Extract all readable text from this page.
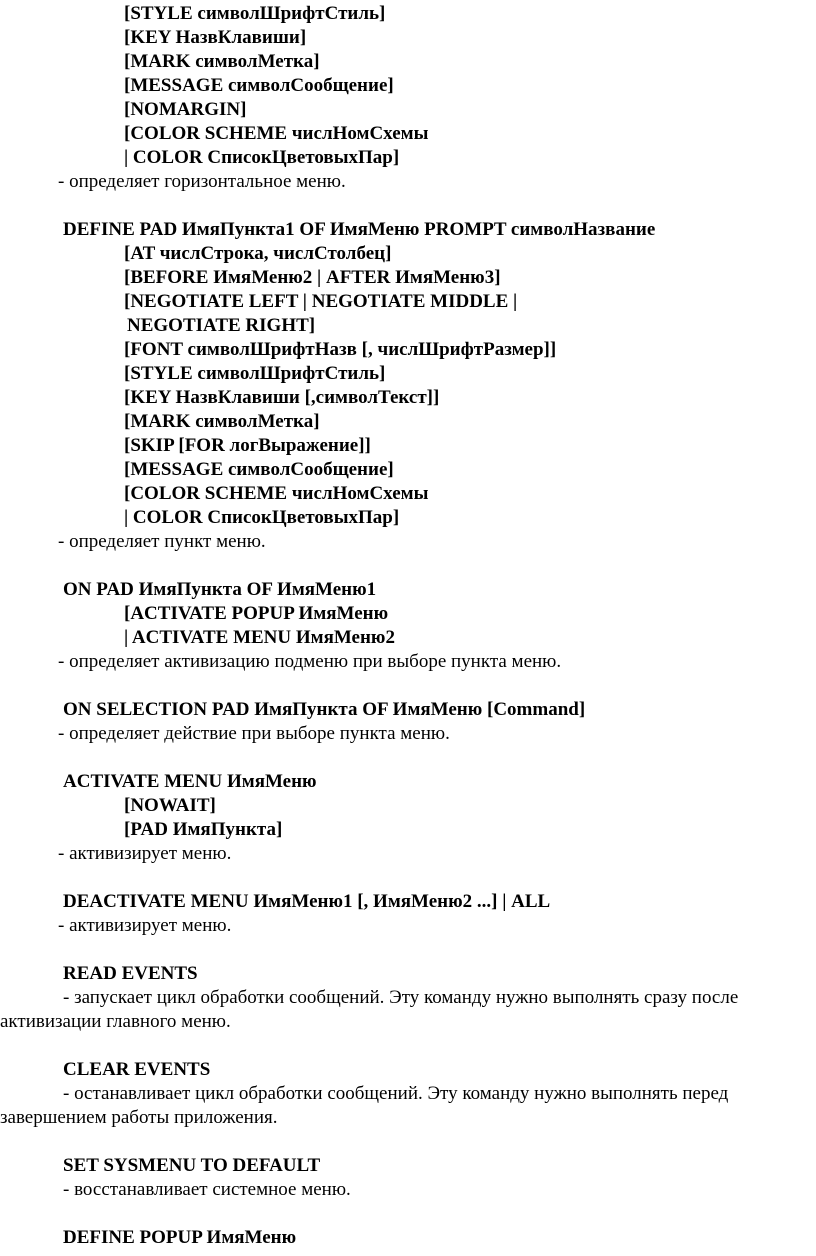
[STYLE символШрифтСтиль]
[KEY НазвКлавиши]
[MARK символМетка]
[MESSAGE символСообщение]
[NOMARGIN]
[COLOR SCHEME числНомСхемы
| COLOR СписокЦветовыхПар]
- определяет горизонтальное меню.
DEFINE PAD ИмяПункта1 OF ИмяМеню PROMPT символНазвание
[AT числСтрока, числСтолбец]
[BEFORE ИмяМеню2 | AFTER ИмяМеню3]
[NEGOTIATE LEFT | NEGOTIATE MIDDLE |
NEGOTIATE RIGHT]
[FONT символШрифтНазв [, числШрифтРазмер]]
[STYLE символШрифтСтиль]
[KEY НазвКлавиши [,символТекст]]
[MARK символМетка]
[SKIP [FOR логВыражение]]
[MESSAGE символСообщение]
[COLOR SCHEME числНомСхемы
| COLOR СписокЦветовыхПар]
- определяет пункт меню.
ON PAD ИмяПункта OF ИмяМеню1
[ACTIVATE POPUP ИмяМеню
| ACTIVATE MENU ИмяМеню2
- определяет активизацию подменю при выборе пункта меню.
ON SELECTION PAD ИмяПункта OF ИмяМеню [Command]
- определяет действие при выборе пункта меню.
ACTIVATE MENU ИмяМеню
[NOWAIT]
[PAD ИмяПункта]
- активизирует меню.
DEACTIVATE MENU ИмяМеню1 [, ИмяМеню2 ...] | ALL
- активизирует меню.
READ EVENTS
- запускает цикл обработки сообщений. Эту команду нужно выполнять сразу после
активизации главного меню.
CLEAR EVENTS
- останавливает цикл обработки сообщений. Эту команду нужно выполнять перед
завершением работы приложения.
SET SYSMENU TO DEFAULT
- восстанавливает системное меню.
DEFINE POPUP ИмяМеню
